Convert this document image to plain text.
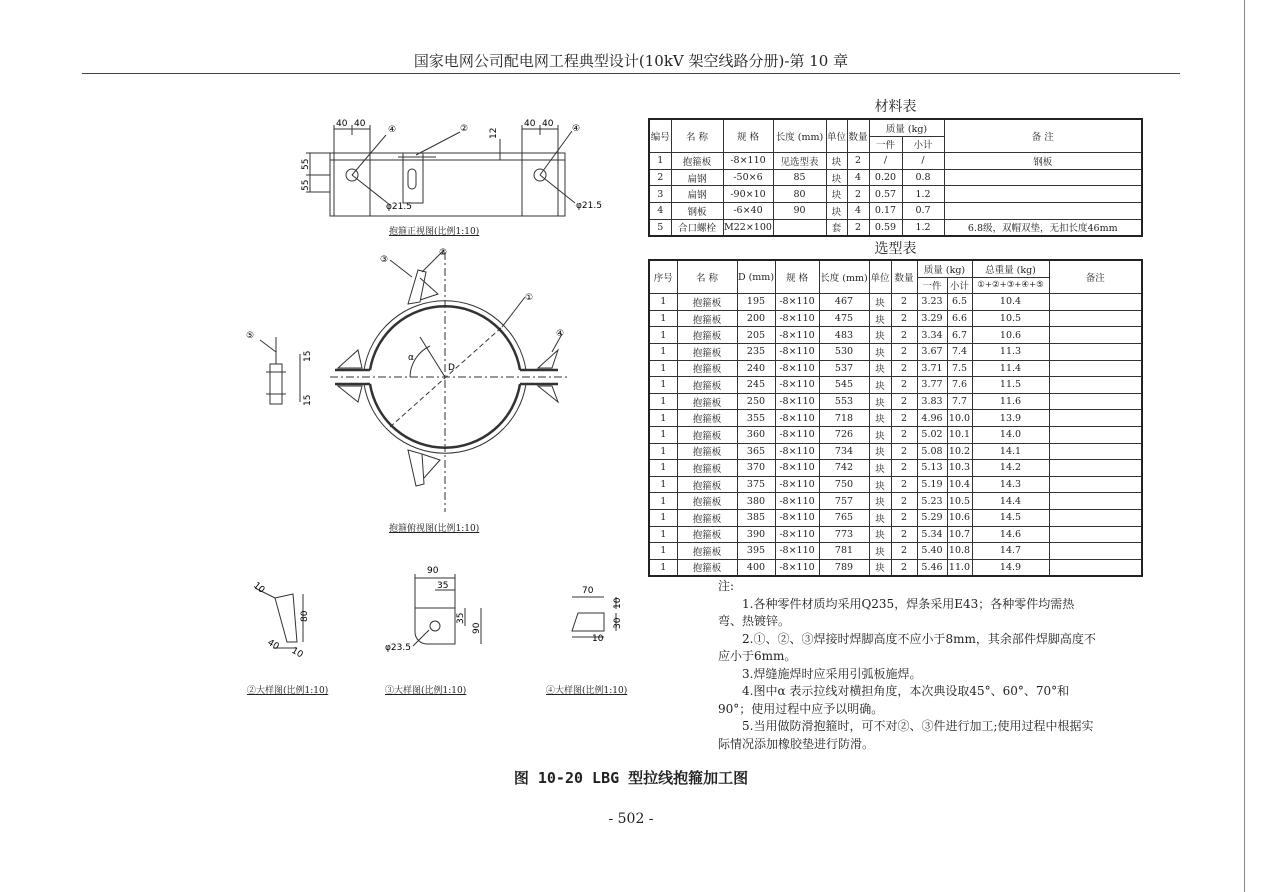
国家电网公司配电网工程典型设计(10kV 架空线路分册)-第 10 章
材料表
编号	名 称	规 格	长度 (mm)	单位	数量	质量 (kg)		备 注
						一件	小计	
1	抱箍板	-8×110	见选型表	块	2	/	/	钢板
2	扁钢	-50×6	85	块	4	0.20	0.8	
3	扁钢	-90×10	80	块	2	0.57	1.2	
4	钢板	-6×40	90	块	4	0.17	0.7	
5	合口螺栓	M22×100		套	2	0.59	1.2	6.8级，双帽双垫，无扣长度46mm
选型表
序号	名 称	D (mm)	规 格	长度 (mm)	单位	数量	质量 (kg)		总重量 (kg)	备注
							一件	小计	①+②+③+④+⑤	
1	抱箍板	195	-8×110	467	块	2	3.23	6.5	10.4	
1	抱箍板	200	-8×110	475	块	2	3.29	6.6	10.5	
1	抱箍板	205	-8×110	483	块	2	3.34	6.7	10.6	
1	抱箍板	235	-8×110	530	块	2	3.67	7.4	11.3	
1	抱箍板	240	-8×110	537	块	2	3.71	7.5	11.4	
1	抱箍板	245	-8×110	545	块	2	3.77	7.6	11.5	
1	抱箍板	250	-8×110	553	块	2	3.83	7.7	11.6	
1	抱箍板	355	-8×110	718	块	2	4.96	10.0	13.9	
1	抱箍板	360	-8×110	726	块	2	5.02	10.1	14.0	
1	抱箍板	365	-8×110	734	块	2	5.08	10.2	14.1	
1	抱箍板	370	-8×110	742	块	2	5.13	10.3	14.2	
1	抱箍板	375	-8×110	750	块	2	5.19	10.4	14.3	
1	抱箍板	380	-8×110	757	块	2	5.23	10.5	14.4	
1	抱箍板	385	-8×110	765	块	2	5.29	10.6	14.5	
1	抱箍板	390	-8×110	773	块	2	5.34	10.7	14.6	
1	抱箍板	395	-8×110	781	块	2	5.40	10.8	14.7	
1	抱箍板	400	-8×110	789	块	2	5.46	11.0	14.9	
40 40	40 40
12
55
55
φ21.5	φ21.5
④	②	④
抱箍正视图(比例1:10)
①
②
③
④
⑤
α
D
15
15
抱箍俯视图(比例1:10)
10
80
40
10
②大样图(比例1:10)
90
35
35
90
φ23.5
③大样图(比例1:10)
70
10
30
10
④大样图(比例1:10)

注:

1.各种零件材质均采用Q235，焊条采用E43；各种零件均需热弯、热镀锌。

2.①、②、③焊接时焊脚高度不应小于8mm，其余部件焊脚高度不应小于6mm。

3.焊缝施焊时应采用引弧板施焊。

4.图中α 表示拉线对横担角度，本次典设取45°、60°、70°和90°；使用过程中应予以明确。

5.当用做防滑抱箍时，可不对②、③件进行加工;使用过程中根据实际情况添加橡胶垫进行防滑。

图 10-20 LBG 型拉线抱箍加工图
- 502 -
